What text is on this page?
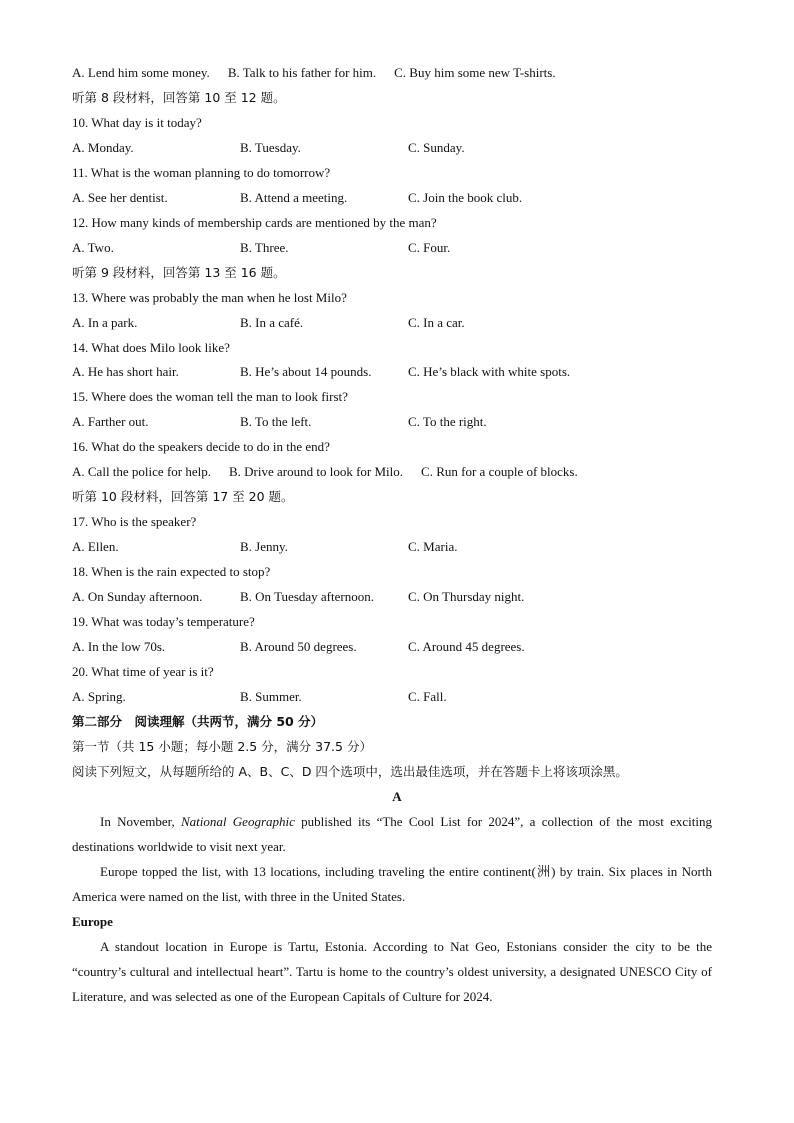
A. Lend him some money. B. Talk to his father for him. C. Buy him some new T-shirts.
听第 8 段材料，回答第 10 至 12 题。
10. What day is it today?
A. Monday.	B. Tuesday.	C. Sunday.
11. What is the woman planning to do tomorrow?
A. See her dentist.	B. Attend a meeting.	C. Join the book club.
12. How many kinds of membership cards are mentioned by the man?
A. Two.	B. Three.	C. Four.
听第 9 段材料，回答第 13 至 16 题。
13. Where was probably the man when he lost Milo?
A. In a park.	B. In a café.	C. In a car.
14. What does Milo look like?
A. He has short hair.	B. He’s about 14 pounds.	C. He’s black with white spots.
15. Where does the woman tell the man to look first?
A. Farther out.	B. To the left.	C. To the right.
16. What do the speakers decide to do in the end?
A. Call the police for help. B. Drive around to look for Milo. C. Run for a couple of blocks.
听第 10 段材料，回答第 17 至 20 题。
17. Who is the speaker?
A. Ellen.	B. Jenny.	C. Maria.
18. When is the rain expected to stop?
A. On Sunday afternoon.	B. On Tuesday afternoon.	C. On Thursday night.
19. What was today’s temperature?
A. In the low 70s.	B. Around 50 degrees.	C. Around 45 degrees.
20. What time of year is it?
A. Spring.	B. Summer.	C. Fall.
第二部分　阅读理解（共两节，满分 50 分）
第一节（共 15 小题；每小题 2.5 分，满分 37.5 分）
阅读下列短文，从每题所给的 A、B、C、D 四个选项中，选出最佳选项，并在答题卡上将该项涂黑。
A
In November, National Geographic published its “The Cool List for 2024”, a collection of the most exciting destinations worldwide to visit next year.
Europe topped the list, with 13 locations, including traveling the entire continent(洲) by train. Six places in North America were named on the list, with three in the United States.
Europe
A standout location in Europe is Tartu, Estonia. According to Nat Geo, Estonians consider the city to be the “country’s cultural and intellectual heart”. Tartu is home to the country’s oldest university, a designated UNESCO City of Literature, and was selected as one of the European Capitals of Culture for 2024.
